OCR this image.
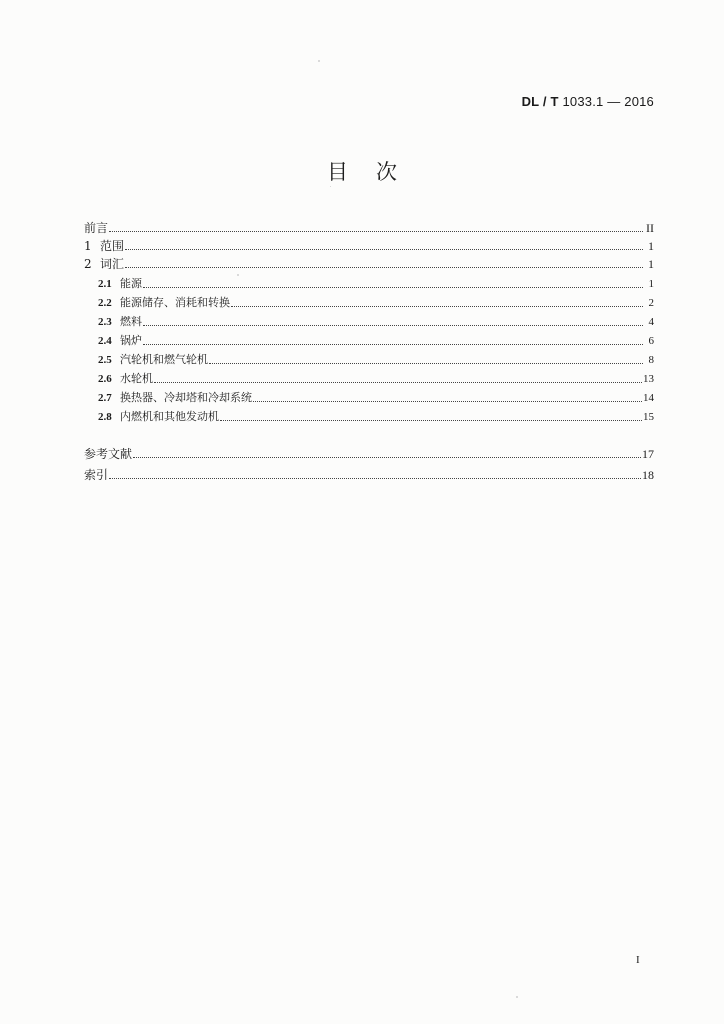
DL / T 1033.1 — 2016
目次
前言	II
1 范围	1
2 词汇	1
2.1 能源	1
2.2 能源储存、消耗和转换	2
2.3 燃料	4
2.4 锅炉	6
2.5 汽轮机和燃气轮机	8
2.6 水轮机	13
2.7 换热器、冷却塔和冷却系统	14
2.8 内燃机和其他发动机	15
参考文献	17
索引	18
I
